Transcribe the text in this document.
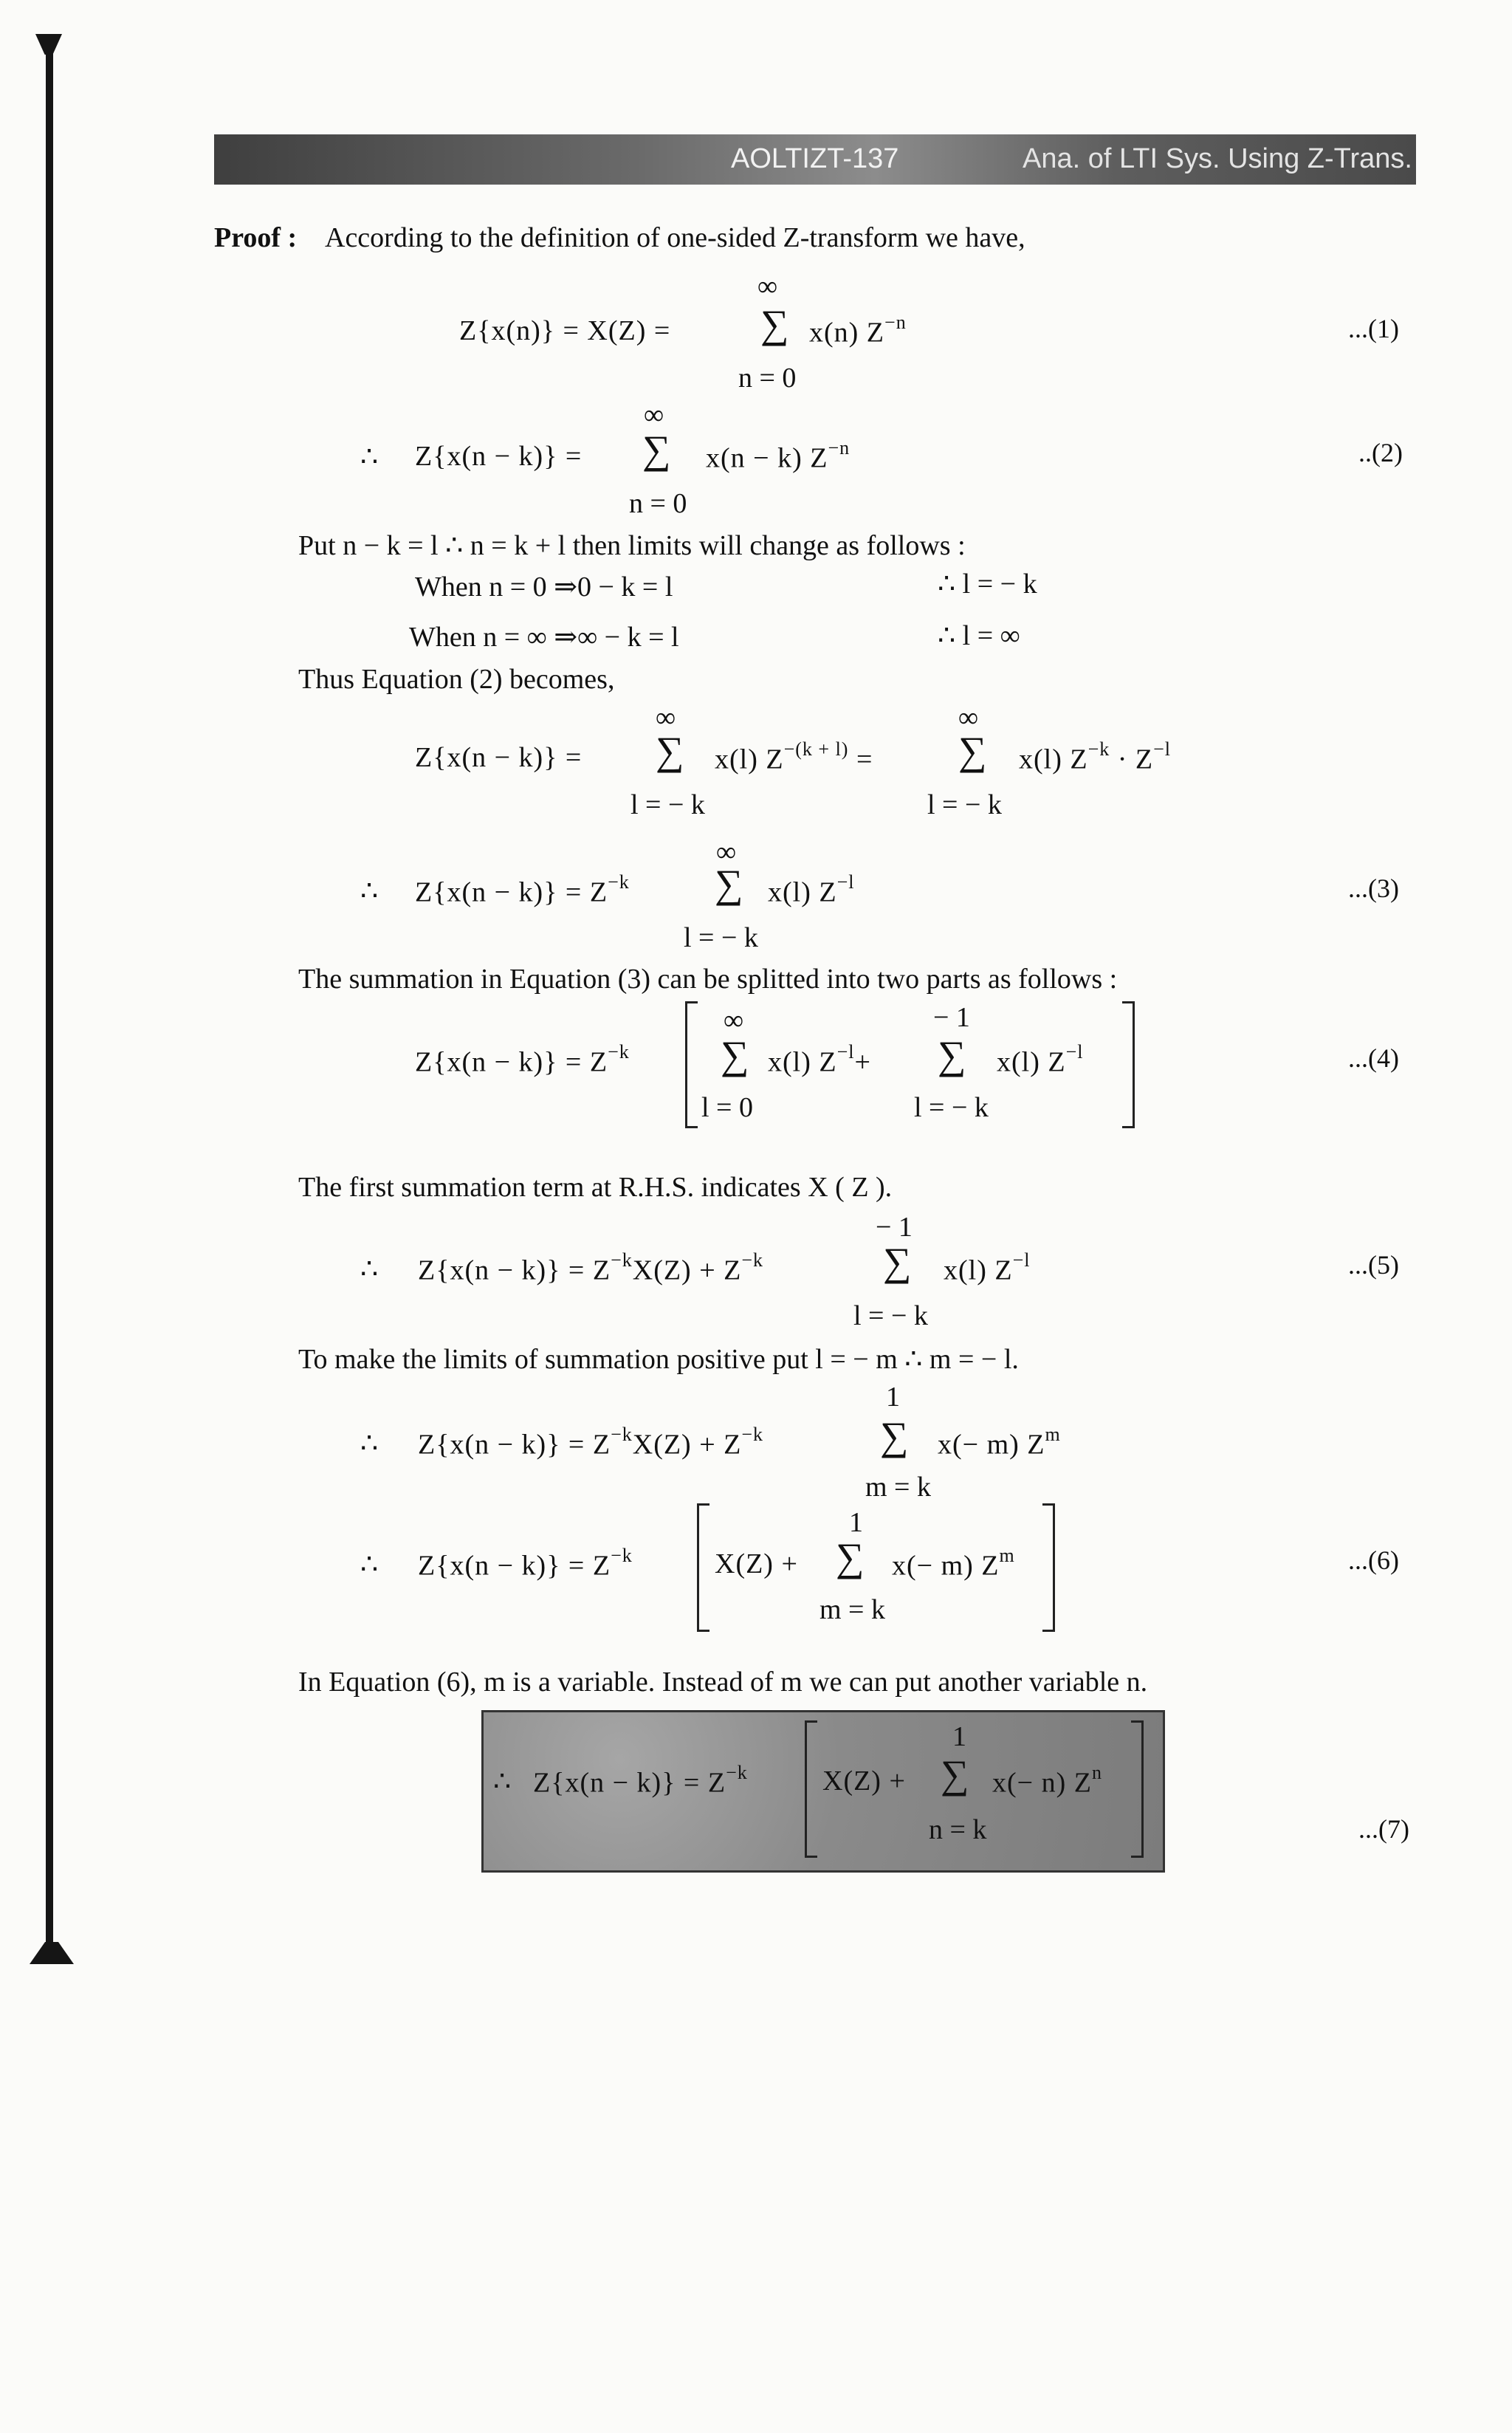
AOLTIZT-137	Ana. of LTI Sys. Using Z-Trans.
Proof : According to the definition of one-sided Z-transform we have,
∞
Z{x(n)} = X(Z) = ∑ x(n) $Z^{-n}$
n = 0
...(1)
∞
∴ Z{x(n − k)} = ∑ x(n − k) $Z^{-n}$
n = 0
..(2)
Put n − k = l ∴ n = k + l then limits will change as follows :
When n = 0 ⇒0 − k = l	∴ l = − k
When n = ∞ ⇒∞ − k = l	∴ l = ∞
Thus Equation (2) becomes,
∞	∞
Z{x(n − k)} = ∑ x(l) $Z^{-(k + l)}$ = ∑ x(l) $Z^{-k} \cdot Z^{-l}$
l = − k	l = − k
∞
∴ $Z\{x(n - k)\} = Z^{-k}$ ∑ x(l) $Z^{-l}$
l = − k
...(3)
The summation in Equation (3) can be splitted into two parts as follows :
∞	− 1
$Z\{x(n - k)\} = Z^{-k}$ ∑ x(l) $Z^{-l}+$ ∑ x(l) $Z^{-l}$
l = 0	l = − k
...(4)
The first summation term at R.H.S. indicates X ( Z ).
− 1
∴ $Z\{x(n - k)\} = Z^{-k}X(Z) + Z^{-k}$	∑ x(l) $Z^{-l}$
l = − k
...(5)
To make the limits of summation positive put l = − m ∴ m = − l.
1
∴ $Z\{x(n - k)\} = Z^{-k}X(Z) + Z^{-k}$	∑ x(− m) $Z^m$
m = k
1
∴ $Z\{x(n - k)\} = Z^{-k}$	X(Z) + ∑ x(− m) $Z^m$
m = k
...(6)
In Equation (6), m is a variable. Instead of m we can put another variable n.
1
∴ $Z\{x(n - k)\} = Z^{-k}$	X(Z) + ∑ x(− n) $Z^n$
n = k	...(7)
